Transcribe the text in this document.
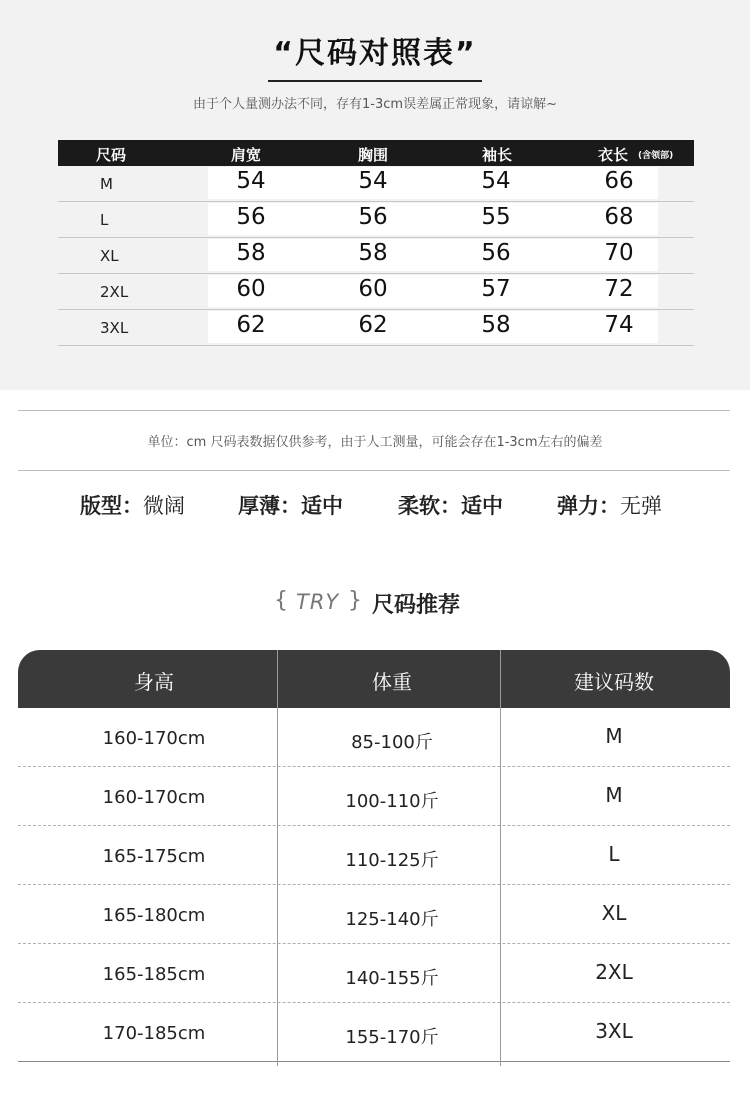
“尺码对照表”
由于个人量测办法不同，存有1-3cm误差属正常现象，请谅解~
尺码	肩宽	胸围	袖长	衣长 (含领部)
M	54	54	54	66
L	56	56	55	68
XL	58	58	56	70
2XL	60	60	57	72
3XL	62	62	58	74
单位：cm 尺码表数据仅供参考，由于人工测量，可能会存在1-3cm左右的偏差
版型：微阔	厚薄：适中	柔软：适中	弹力：无弹
{ TRY } 尺码推荐
身高	体重	建议码数
160-170cm	85-100斤	M
160-170cm	100-110斤	M
165-175cm	110-125斤	L
165-180cm	125-140斤	XL
165-185cm	140-155斤	2XL
170-185cm	155-170斤	3XL
